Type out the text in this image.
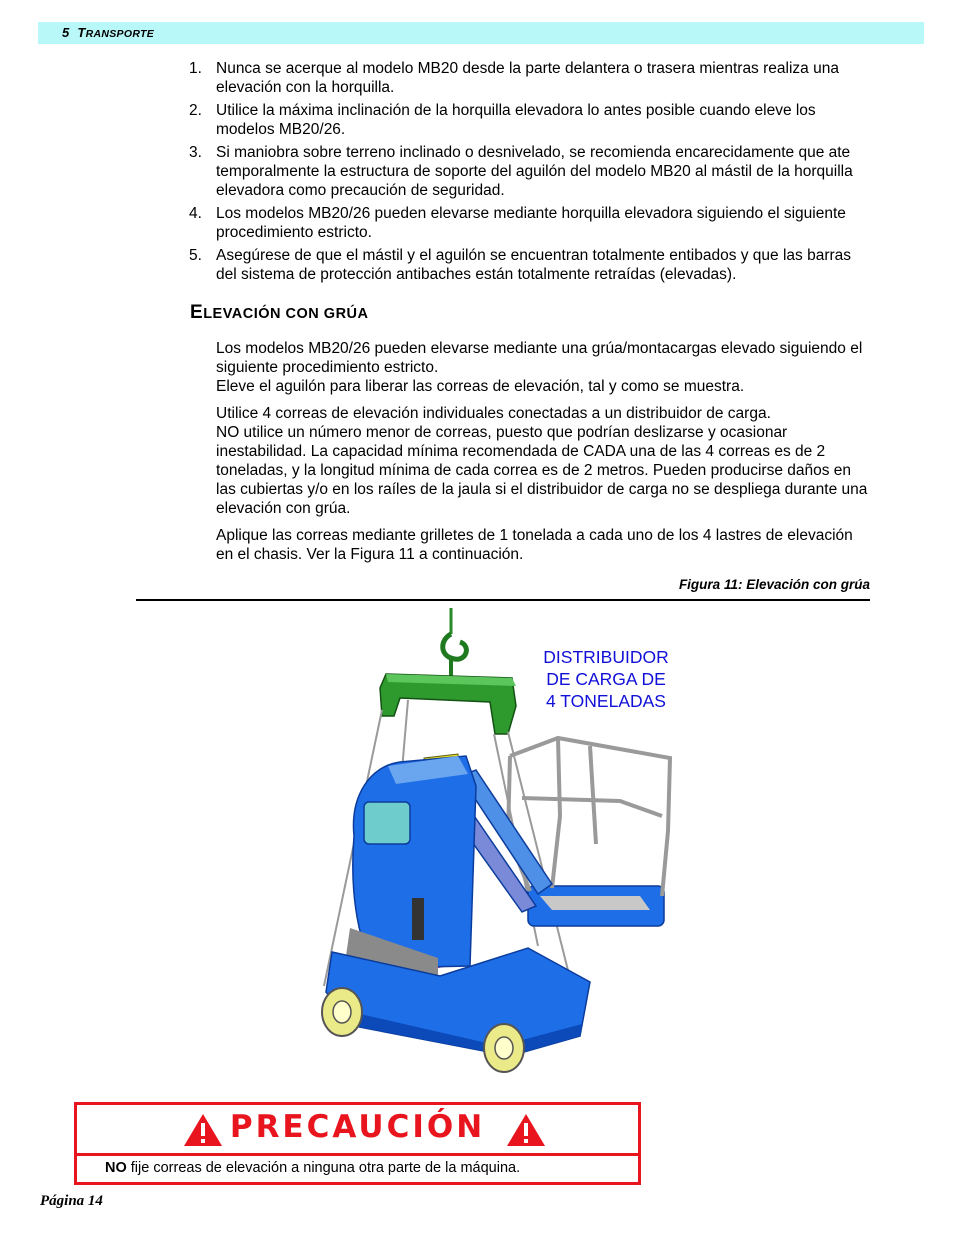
5 TRANSPORTE
1. Nunca se acerque al modelo MB20 desde la parte delantera o trasera mientras realiza una elevación con la horquilla.
2. Utilice la máxima inclinación de la horquilla elevadora lo antes posible cuando eleve los modelos MB20/26.
3. Si maniobra sobre terreno inclinado o desnivelado, se recomienda encarecidamente que ate temporalmente la estructura de soporte del aguilón del modelo MB20 al mástil de la horquilla elevadora como precaución de seguridad.
4. Los modelos MB20/26 pueden elevarse mediante horquilla elevadora siguiendo el siguiente procedimiento estricto.
5. Asegúrese de que el mástil y el aguilón se encuentran totalmente entibados y que las barras del sistema de protección antibaches están totalmente retraídas (elevadas).
ELEVACIÓN CON GRÚA
Los modelos MB20/26 pueden elevarse mediante una grúa/montacargas elevado siguiendo el siguiente procedimiento estricto.
Eleve el aguilón para liberar las correas de elevación, tal y como se muestra.
Utilice 4 correas de elevación individuales conectadas a un distribuidor de carga.
NO utilice un número menor de correas, puesto que podrían deslizarse y ocasionar inestabilidad. La capacidad mínima recomendada de CADA una de las 4 correas es de 2 toneladas, y la longitud mínima de cada correa es de 2 metros. Pueden producirse daños en las cubiertas y/o en los raíles de la jaula si el distribuidor de carga no se despliega durante una elevación con grúa.
Aplique las correas mediante grilletes de 1 tonelada a cada uno de los 4 lastres de elevación en el chasis. Ver la Figura 11 a continuación.
Figura 11: Elevación con grúa
DISTRIBUIDOR
DE CARGA DE
4 TONELADAS
PRECAUCIÓN
NO fije correas de elevación a ninguna otra parte de la máquina.
Página 14
